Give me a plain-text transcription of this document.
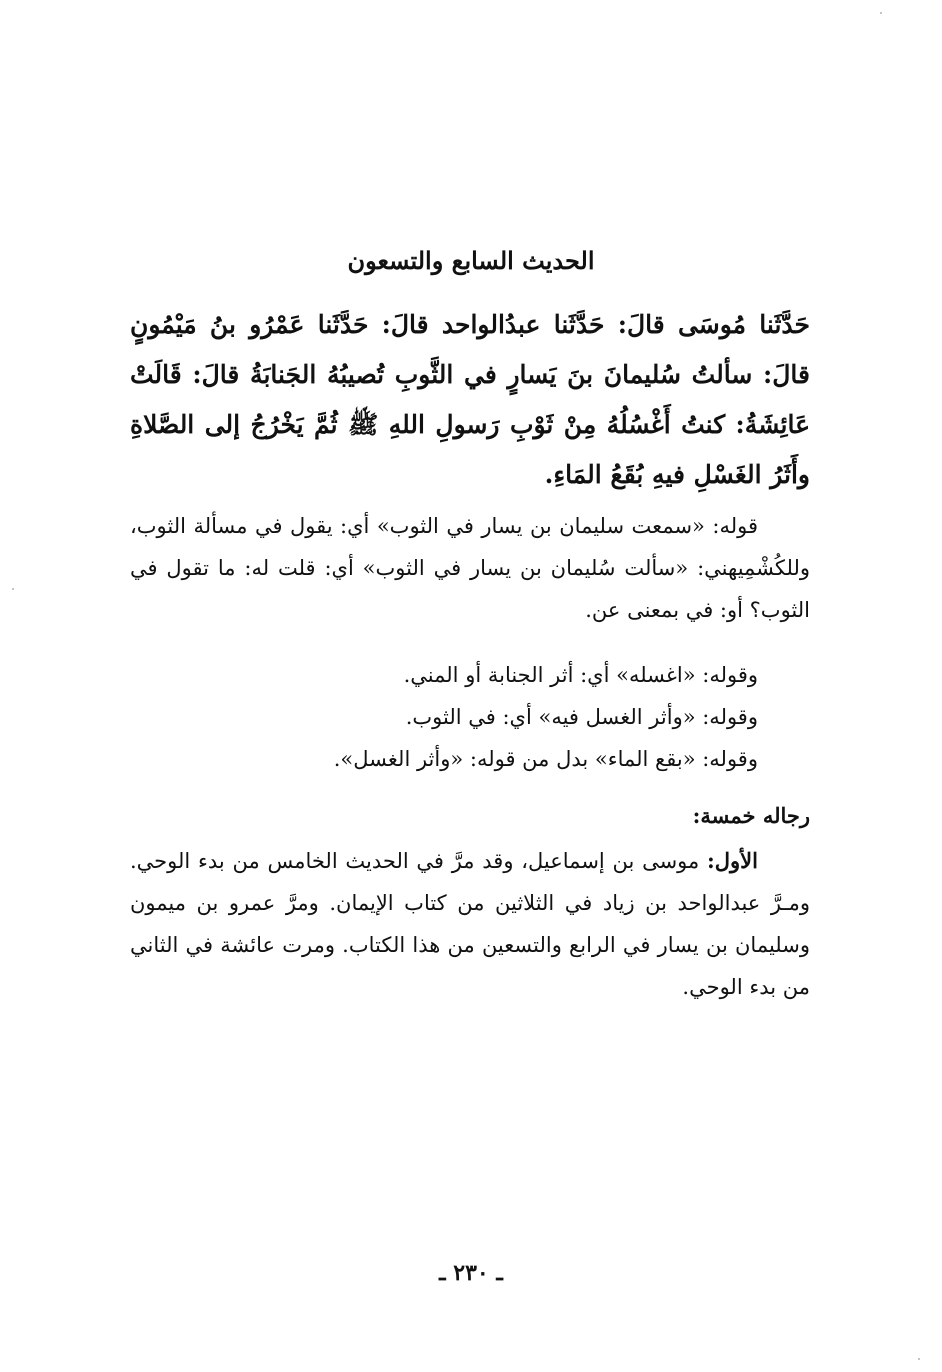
الحديث السابع والتسعون

حَدَّثَنا مُوسَى قالَ: حَدَّثَنا عبدُالواحد قالَ: حَدَّثَنا عَمْرُو بنُ مَيْمُونٍ قالَ: سألتُ سُليمانَ بنَ يَسارٍ في الثَّوبِ تُصيبُهُ الجَنابَةُ قالَ: قَالَتْ عَائِشَةُ: كنتُ أَغْسُلُهُ مِنْ ثَوْبِ رَسولِ اللهِ ﷺ ثُمَّ يَخْرُجُ إلى الصَّلاةِ وأَثَرُ الغَسْلِ فيهِ بُقَعُ المَاءِ.

قوله: «سمعت سليمان بن يسار في الثوب» أي: يقول في مسألة الثوب، وللكُشْمِيهني: «سألت سُليمان بن يسار في الثوب» أي: قلت له: ما تقول في الثوب؟ أو: في بمعنى عن.

وقوله: «اغسله» أي: أثر الجنابة أو المني.
وقوله: «وأثر الغسل فيه» أي: في الثوب.
وقوله: «بقع الماء» بدل من قوله: «وأثر الغسل».

رجاله خمسة:

الأول: موسى بن إسماعيل، وقد مرَّ في الحديث الخامس من بدء الوحي. ومـرَّ عبدالواحد بن زياد في الثلاثين من كتاب الإيمان. ومرَّ عمرو بن ميمون وسليمان بن يسار في الرابع والتسعين من هذا الكتاب. ومرت عائشة في الثاني من بدء الوحي.

ـ ٢٣٠ ـ
